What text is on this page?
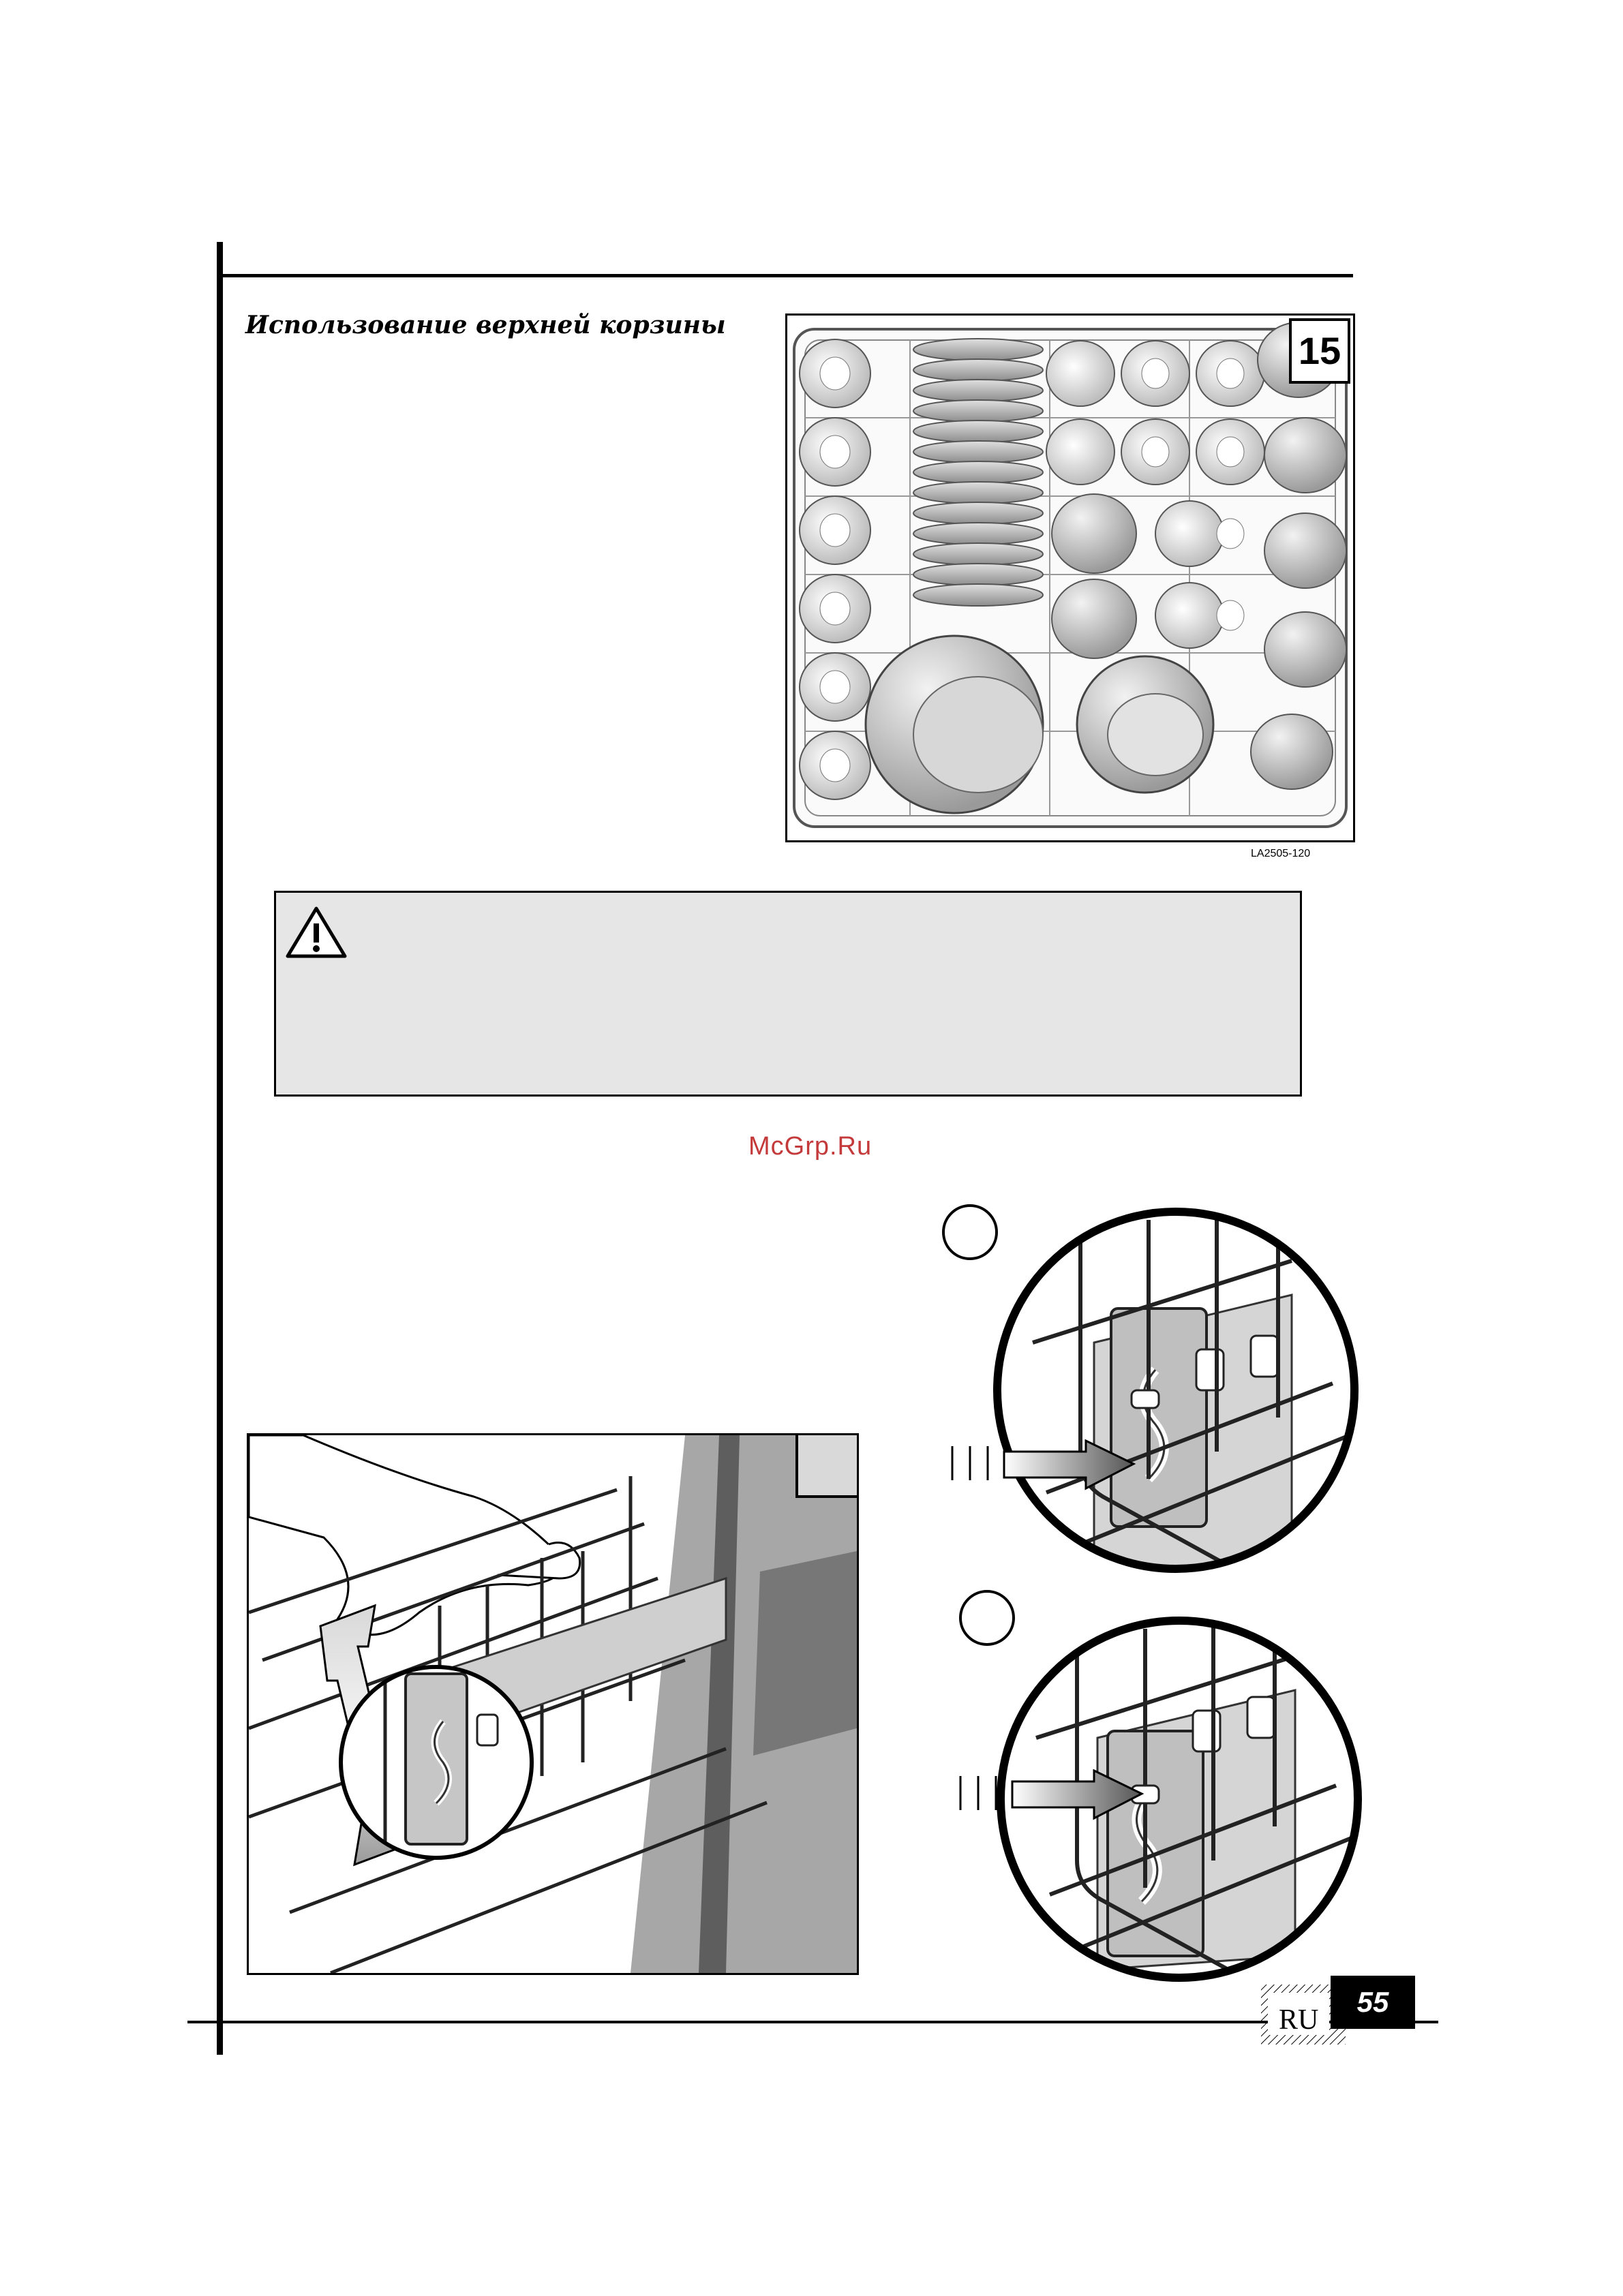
Использование верхней корзины
15
LA2505-120
McGrp.Ru
RU
55
